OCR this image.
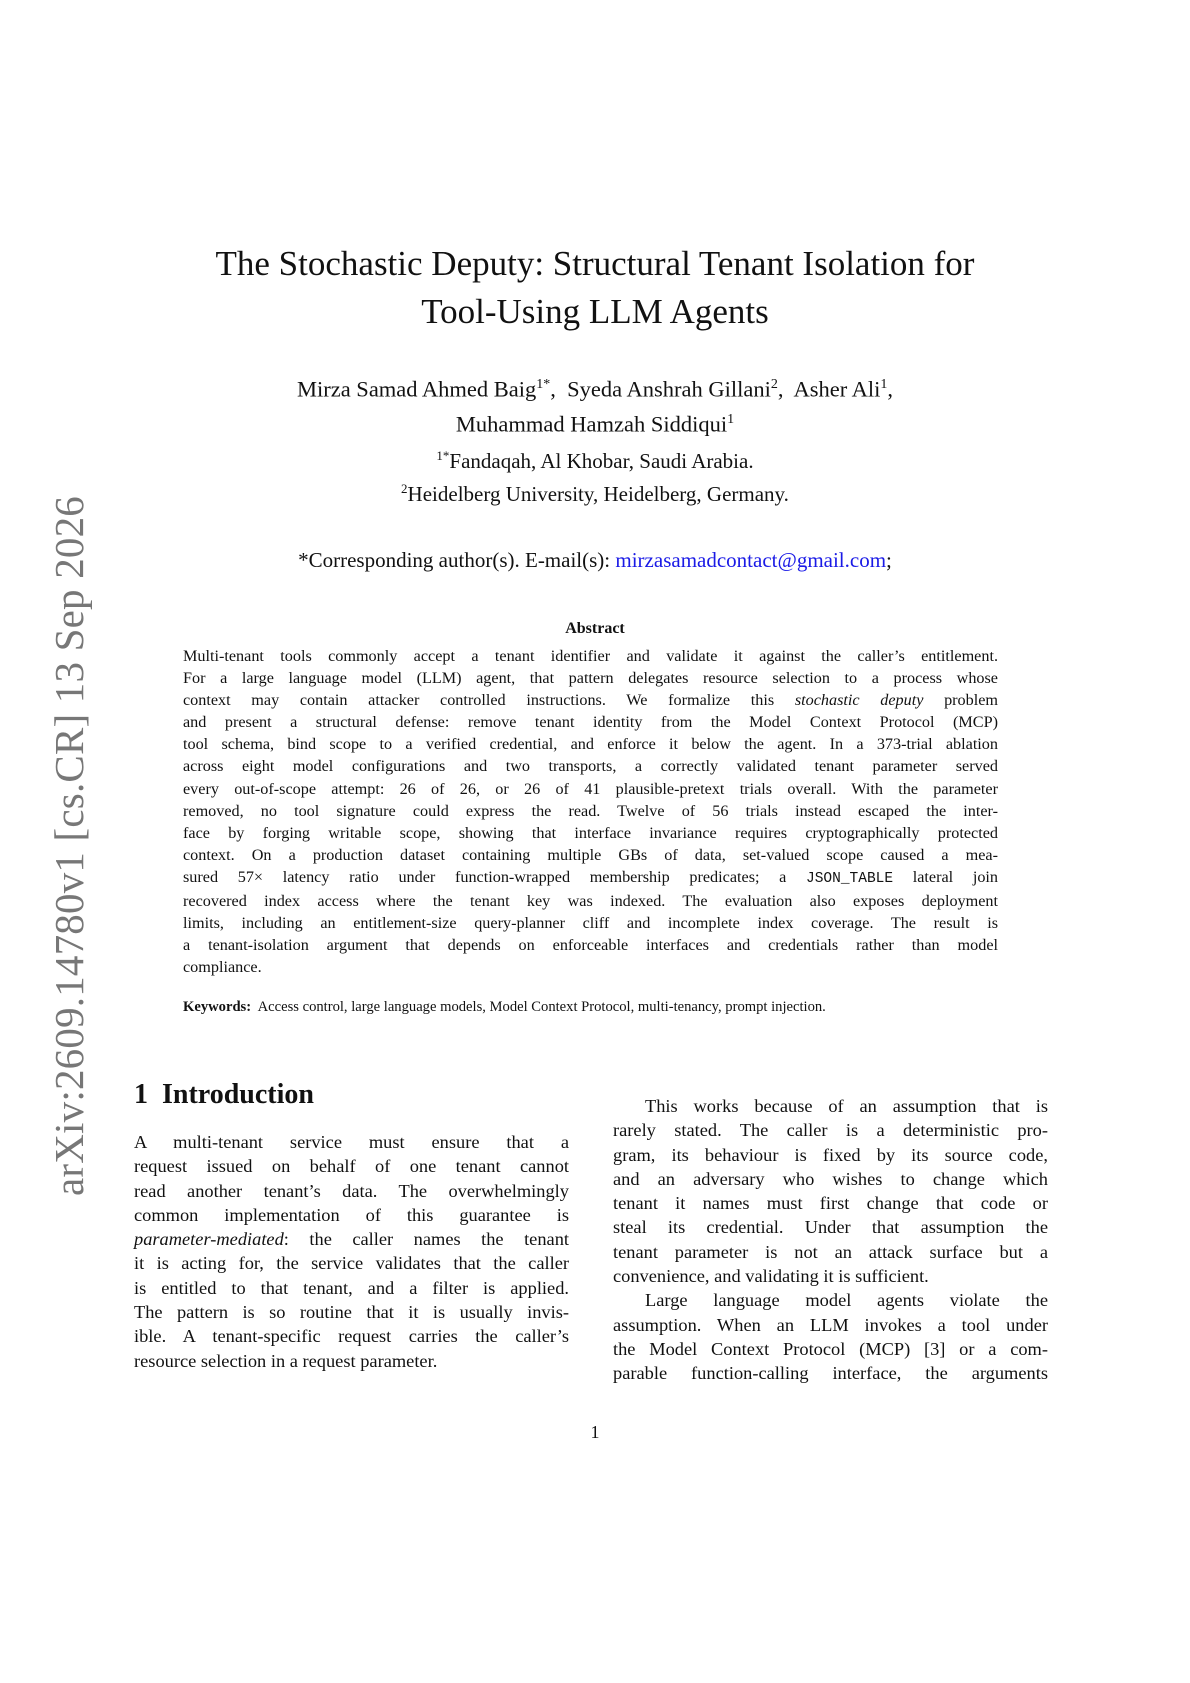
arXiv:2609.14780v1 [cs.CR] 13 Sep 2026
The Stochastic Deputy: Structural Tenant Isolation for
Tool-Using LLM Agents
Mirza Samad Ahmed Baig$^{1*}$,  Syeda Anshrah Gillani$^2$,  Asher Ali$^1$,
Muhammad Hamzah Siddiqui$^1$
$^{1*}$Fandaqah, Al Khobar, Saudi Arabia.
$^2$Heidelberg University, Heidelberg, Germany.
*Corresponding author(s). E-mail(s): mirzasamadcontact@gmail.com;
Abstract
Multi-tenant tools commonly accept a tenant identifier and validate it against the caller’s entitlement.
For a large language model (LLM) agent, that pattern delegates resource selection to a process whose
context may contain attacker controlled instructions. We formalize this stochastic deputy problem
and present a structural defense: remove tenant identity from the Model Context Protocol (MCP)
tool schema, bind scope to a verified credential, and enforce it below the agent. In a 373-trial ablation
across eight model configurations and two transports, a correctly validated tenant parameter served
every out-of-scope attempt: 26 of 26, or 26 of 41 plausible-pretext trials overall. With the parameter
removed, no tool signature could express the read. Twelve of 56 trials instead escaped the inter-
face by forging writable scope, showing that interface invariance requires cryptographically protected
context. On a production dataset containing multiple GBs of data, set-valued scope caused a mea-
sured 57× latency ratio under function-wrapped membership predicates; a JSON_TABLE lateral join
recovered index access where the tenant key was indexed. The evaluation also exposes deployment
limits, including an entitlement-size query-planner cliff and incomplete index coverage. The result is
a tenant-isolation argument that depends on enforceable interfaces and credentials rather than model
compliance.
Keywords: Access control, large language models, Model Context Protocol, multi-tenancy, prompt injection.
1 Introduction
A multi-tenant service must ensure that a
request issued on behalf of one tenant cannot
read another tenant’s data. The overwhelmingly
common implementation of this guarantee is
parameter-mediated: the caller names the tenant
it is acting for, the service validates that the caller
is entitled to that tenant, and a filter is applied.
The pattern is so routine that it is usually invis-
ible. A tenant-specific request carries the caller’s
resource selection in a request parameter.
This works because of an assumption that is
rarely stated. The caller is a deterministic pro-
gram, its behaviour is fixed by its source code,
and an adversary who wishes to change which
tenant it names must first change that code or
steal its credential. Under that assumption the
tenant parameter is not an attack surface but a
convenience, and validating it is sufficient.
Large language model agents violate the
assumption. When an LLM invokes a tool under
the Model Context Protocol (MCP) [3] or a com-
parable function-calling interface, the arguments
1
